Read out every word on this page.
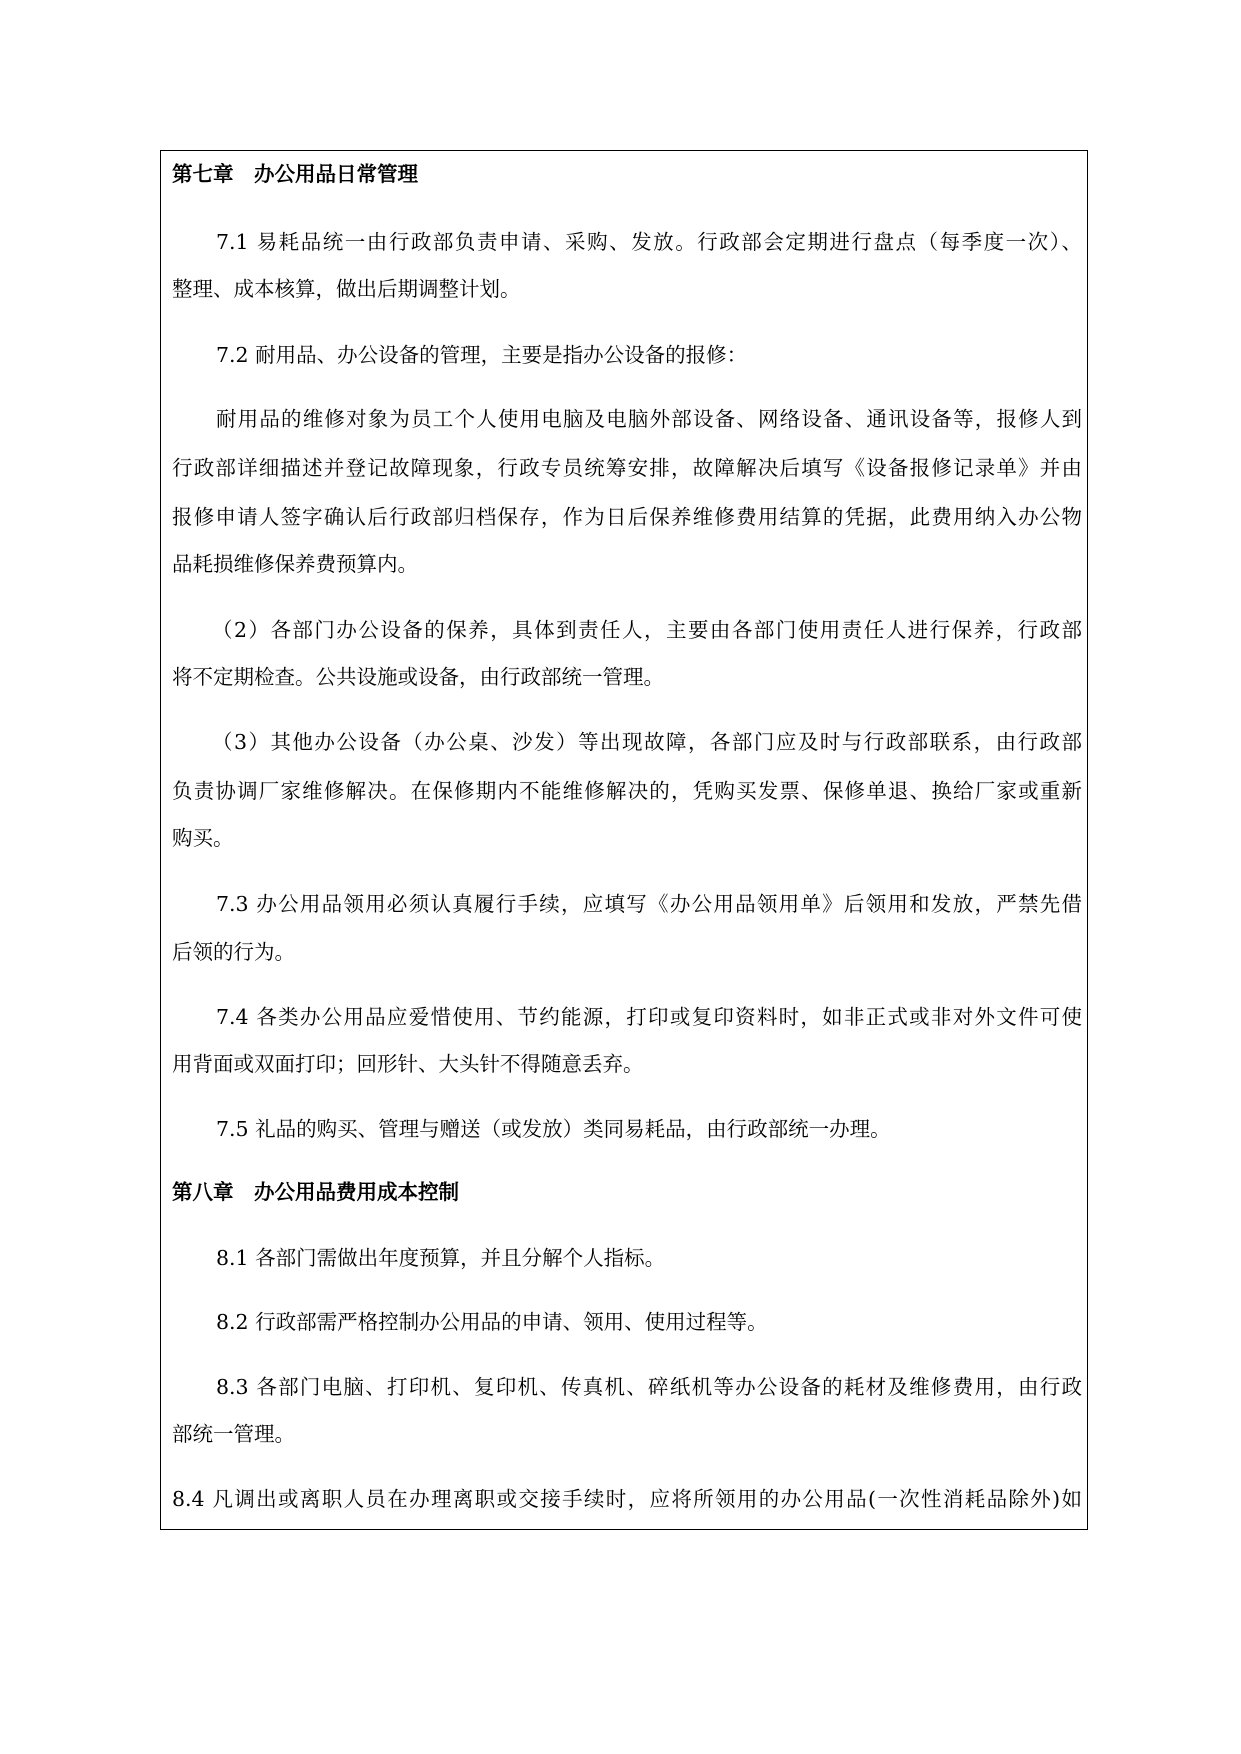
第七章　办公用品日常管理
7.1 易耗品统一由行政部负责申请、采购、发放。行政部会定期进行盘点（每季度一次）、
整理、成本核算，做出后期调整计划。
7.2 耐用品、办公设备的管理，主要是指办公设备的报修：
耐用品的维修对象为员工个人使用电脑及电脑外部设备、网络设备、通讯设备等，报修人到
行政部详细描述并登记故障现象，行政专员统筹安排，故障解决后填写《设备报修记录单》并由
报修申请人签字确认后行政部归档保存，作为日后保养维修费用结算的凭据，此费用纳入办公物
品耗损维修保养费预算内。
（2）各部门办公设备的保养，具体到责任人，主要由各部门使用责任人进行保养，行政部
将不定期检查。公共设施或设备，由行政部统一管理。
（3）其他办公设备（办公桌、沙发）等出现故障，各部门应及时与行政部联系，由行政部
负责协调厂家维修解决。在保修期内不能维修解决的，凭购买发票、保修单退、换给厂家或重新
购买。
7.3 办公用品领用必须认真履行手续，应填写《办公用品领用单》后领用和发放，严禁先借
后领的行为。
7.4 各类办公用品应爱惜使用、节约能源，打印或复印资料时，如非正式或非对外文件可使
用背面或双面打印；回形针、大头针不得随意丢弃。
7.5 礼品的购买、管理与赠送（或发放）类同易耗品，由行政部统一办理。
第八章　办公用品费用成本控制
8.1 各部门需做出年度预算，并且分解个人指标。
8.2 行政部需严格控制办公用品的申请、领用、使用过程等。
8.3 各部门电脑、打印机、复印机、传真机、碎纸机等办公设备的耗材及维修费用，由行政
部统一管理。
8.4 凡调出或离职人员在办理离职或交接手续时，应将所领用的办公用品(一次性消耗品除外)如
